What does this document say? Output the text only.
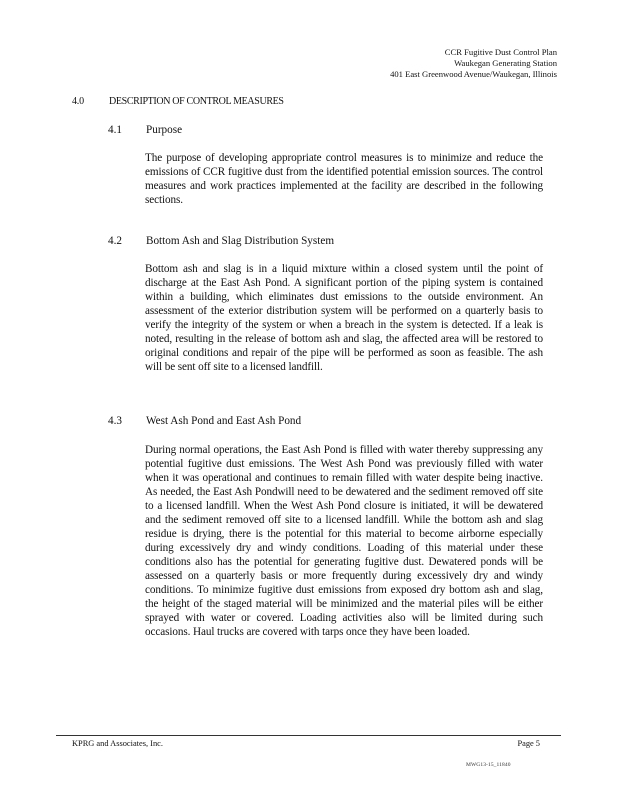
CCR Fugitive Dust Control Plan
Waukegan Generating Station
401 East Greenwood Avenue/Waukegan, Illinois
4.0	DESCRIPTION OF CONTROL MEASURES
4.1 Purpose
The purpose of developing appropriate control measures is to minimize and reduce the emissions of CCR fugitive dust from the identified potential emission sources. The control measures and work practices implemented at the facility are described in the following sections.
4.2 Bottom Ash and Slag Distribution System
Bottom ash and slag is in a liquid mixture within a closed system until the point of discharge at the East Ash Pond. A significant portion of the piping system is contained within a building, which eliminates dust emissions to the outside environment. An assessment of the exterior distribution system will be performed on a quarterly basis to verify the integrity of the system or when a breach in the system is detected. If a leak is noted, resulting in the release of bottom ash and slag, the affected area will be restored to original conditions and repair of the pipe will be performed as soon as feasible. The ash will be sent off site to a licensed landfill.
4.3 West Ash Pond and East Ash Pond
During normal operations, the East Ash Pond is filled with water thereby suppressing any potential fugitive dust emissions. The West Ash Pond was previously filled with water when it was operational and continues to remain filled with water despite being inactive. As needed, the East Ash Pondwill need to be dewatered and the sediment removed off site to a licensed landfill. When the West Ash Pond closure is initiated, it will be dewatered and the sediment removed off site to a licensed landfill. While the bottom ash and slag residue is drying, there is the potential for this material to become airborne especially during excessively dry and windy conditions. Loading of this material under these conditions also has the potential for generating fugitive dust. Dewatered ponds will be assessed on a quarterly basis or more frequently during excessively dry and windy conditions. To minimize fugitive dust emissions from exposed dry bottom ash and slag, the height of the staged material will be minimized and the material piles will be either sprayed with water or covered. Loading activities also will be limited during such occasions. Haul trucks are covered with tarps once they have been loaded.
KPRG and Associates, Inc.	Page 5
MWG13-15_11840
